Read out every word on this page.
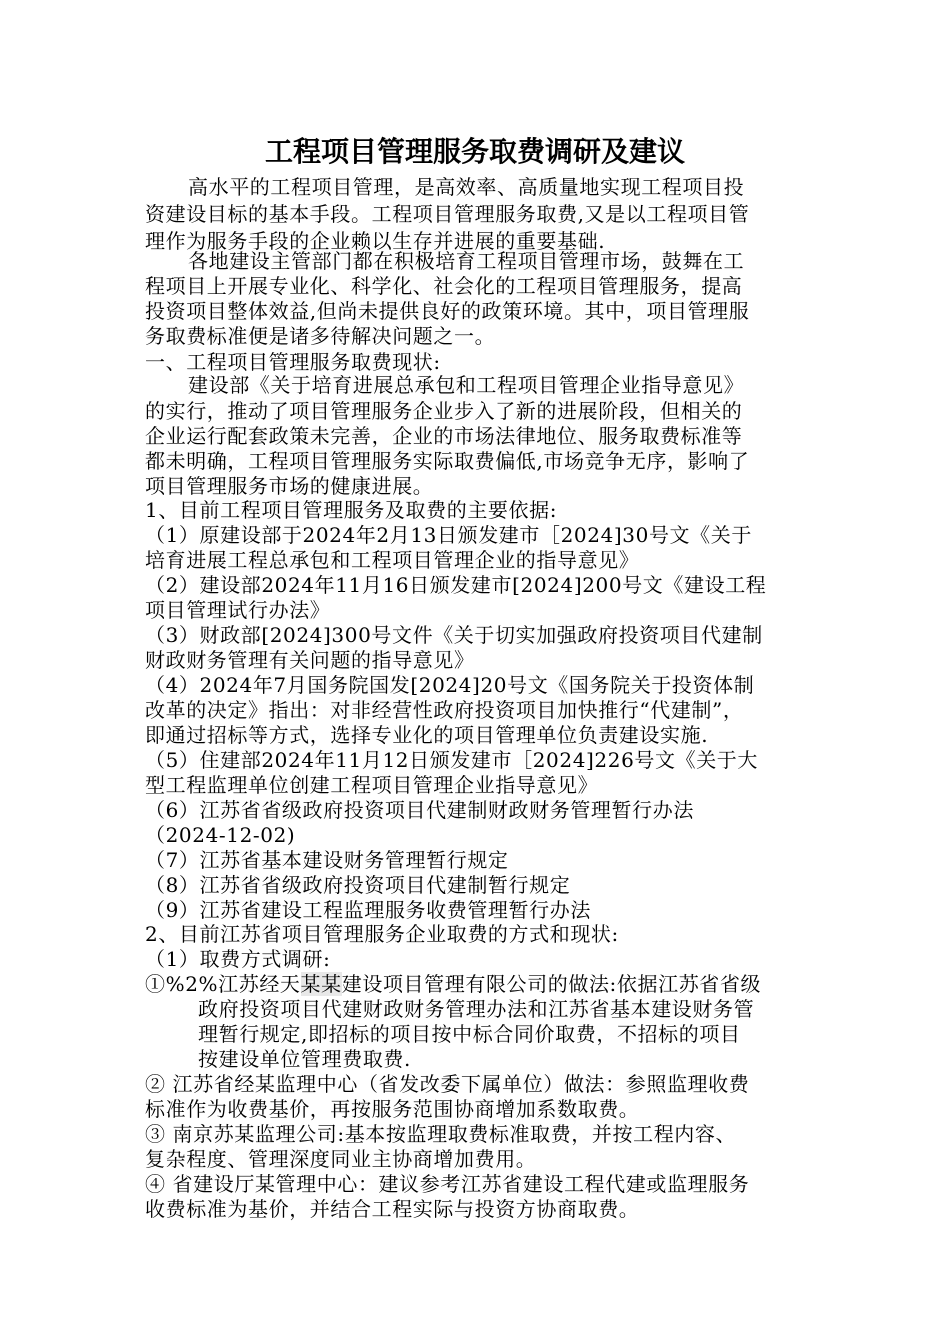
工程项目管理服务取费调研及建议
高水平的工程项目管理，是高效率、高质量地实现工程项目投
资建设目标的基本手段。工程项目管理服务取费,又是以工程项目管
理作为服务手段的企业赖以生存并进展的重要基础.
各地建设主管部门都在积极培育工程项目管理市场，鼓舞在工
程项目上开展专业化、科学化、社会化的工程项目管理服务，提高
投资项目整体效益,但尚未提供良好的政策环境。其中，项目管理服
务取费标准便是诸多待解决问题之一。
一、工程项目管理服务取费现状:
建设部《关于培育进展总承包和工程项目管理企业指导意见》
的实行，推动了项目管理服务企业步入了新的进展阶段，但相关的
企业运行配套政策未完善，企业的市场法律地位、服务取费标准等
都未明确，工程项目管理服务实际取费偏低,市场竞争无序，影响了
项目管理服务市场的健康进展。
1、目前工程项目管理服务及取费的主要依据:
（1）原建设部于2024年2月13日颁发建市［2024]30号文《关于
培育进展工程总承包和工程项目管理企业的指导意见》
（2）建设部2024年11月16日颁发建市[2024]200号文《建设工程
项目管理试行办法》
（3）财政部[2024]300号文件《关于切实加强政府投资项目代建制
财政财务管理有关问题的指导意见》
（4）2024年7月国务院国发[2024]20号文《国务院关于投资体制
改革的决定》指出：对非经营性政府投资项目加快推行“代建制”，
即通过招标等方式，选择专业化的项目管理单位负责建设实施.
（5）住建部2024年11月12日颁发建市［2024]226号文《关于大
型工程监理单位创建工程项目管理企业指导意见》
（6）江苏省省级政府投资项目代建制财政财务管理暂行办法
（2024-12-02)
（7）江苏省基本建设财务管理暂行规定
（8）江苏省省级政府投资项目代建制暂行规定
（9）江苏省建设工程监理服务收费管理暂行办法
2、目前江苏省项目管理服务企业取费的方式和现状:
（1）取费方式调研:
①%2%江苏经天某某建设项目管理有限公司的做法:依据江苏省省级
政府投资项目代建财政财务管理办法和江苏省基本建设财务管
理暂行规定,即招标的项目按中标合同价取费，不招标的项目
按建设单位管理费取费.
② 江苏省经某监理中心（省发改委下属单位）做法：参照监理收费
标准作为收费基价，再按服务范围协商增加系数取费。
③ 南京苏某监理公司:基本按监理取费标准取费，并按工程内容、
复杂程度、管理深度同业主协商增加费用。
④ 省建设厅某管理中心：建议参考江苏省建设工程代建或监理服务
收费标准为基价，并结合工程实际与投资方协商取费。
